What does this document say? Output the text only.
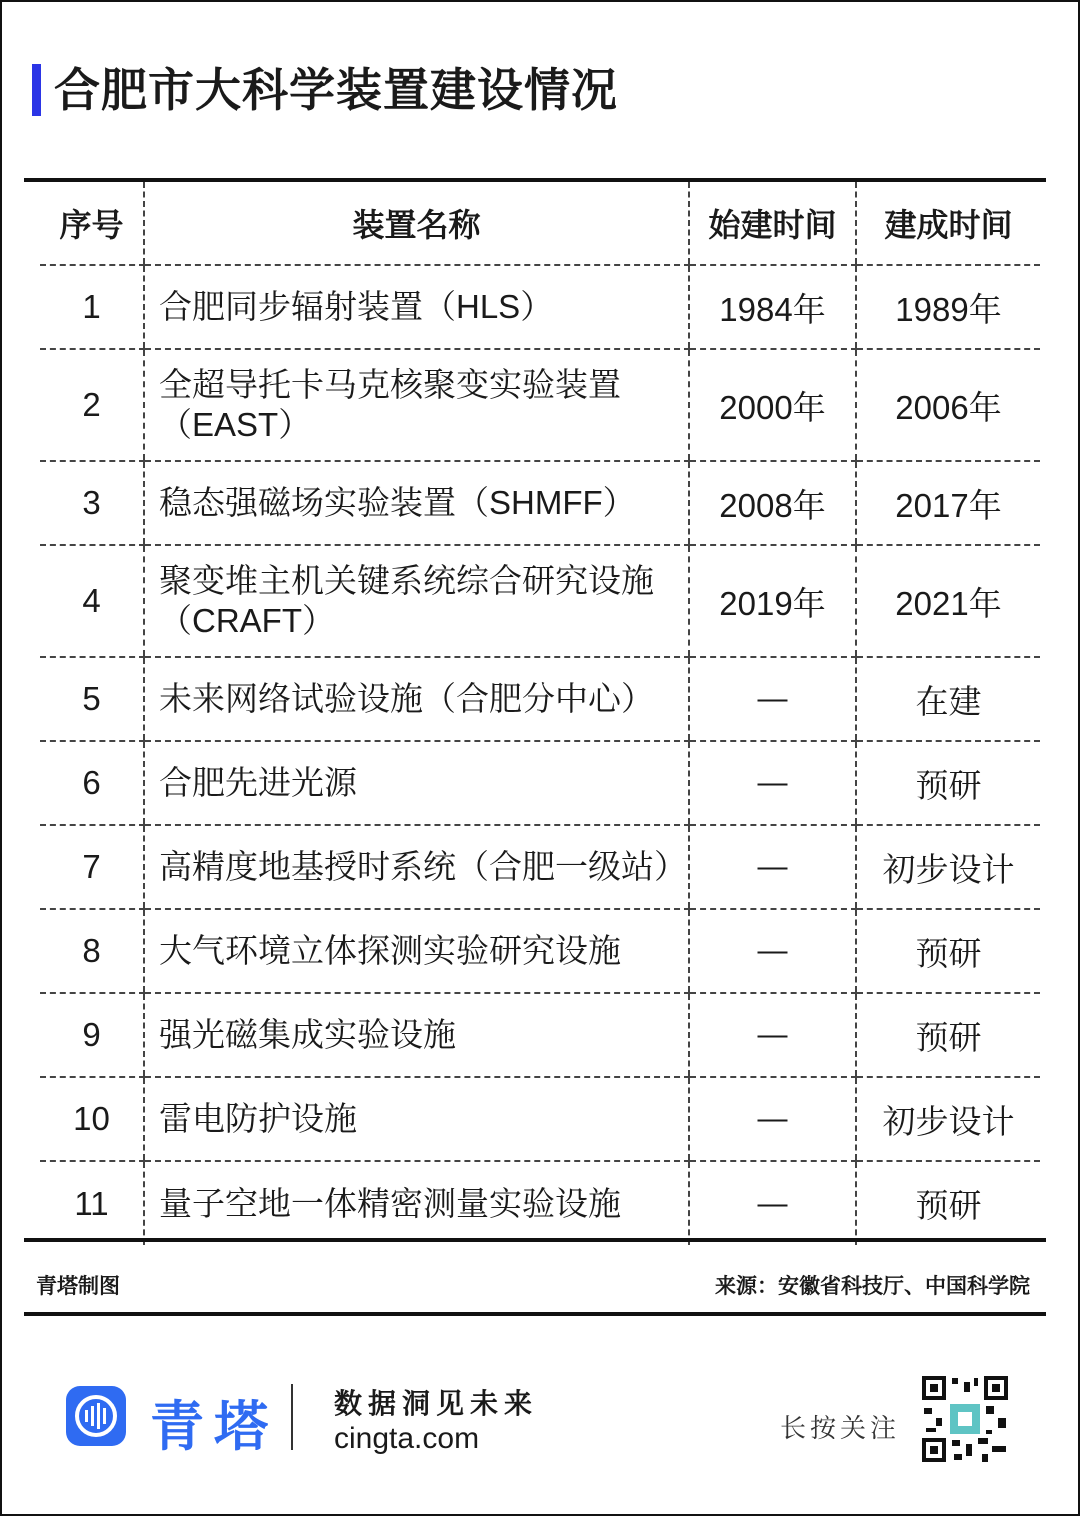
合肥市大科学装置建设情况
序号	装置名称	始建时间	建成时间
1	合肥同步辐射装置（HLS）	1984年	1989年
2	全超导托卡马克核聚变实验装置（EAST）	2000年	2006年
3	稳态强磁场实验装置（SHMFF）	2008年	2017年
4	聚变堆主机关键系统综合研究设施（CRAFT）	2019年	2021年
5	未来网络试验设施（合肥分中心）	—	在建
6	合肥先进光源	—	预研
7	高精度地基授时系统（合肥一级站）	—	初步设计
8	大气环境立体探测实验研究设施	—	预研
9	强光磁集成实验设施	—	预研
10	雷电防护设施	—	初步设计
11	量子空地一体精密测量实验设施	—	预研
青塔制图	来源：安徽省科技厅、中国科学院
青塔 数据洞见未来
cingta.com	长按关注
